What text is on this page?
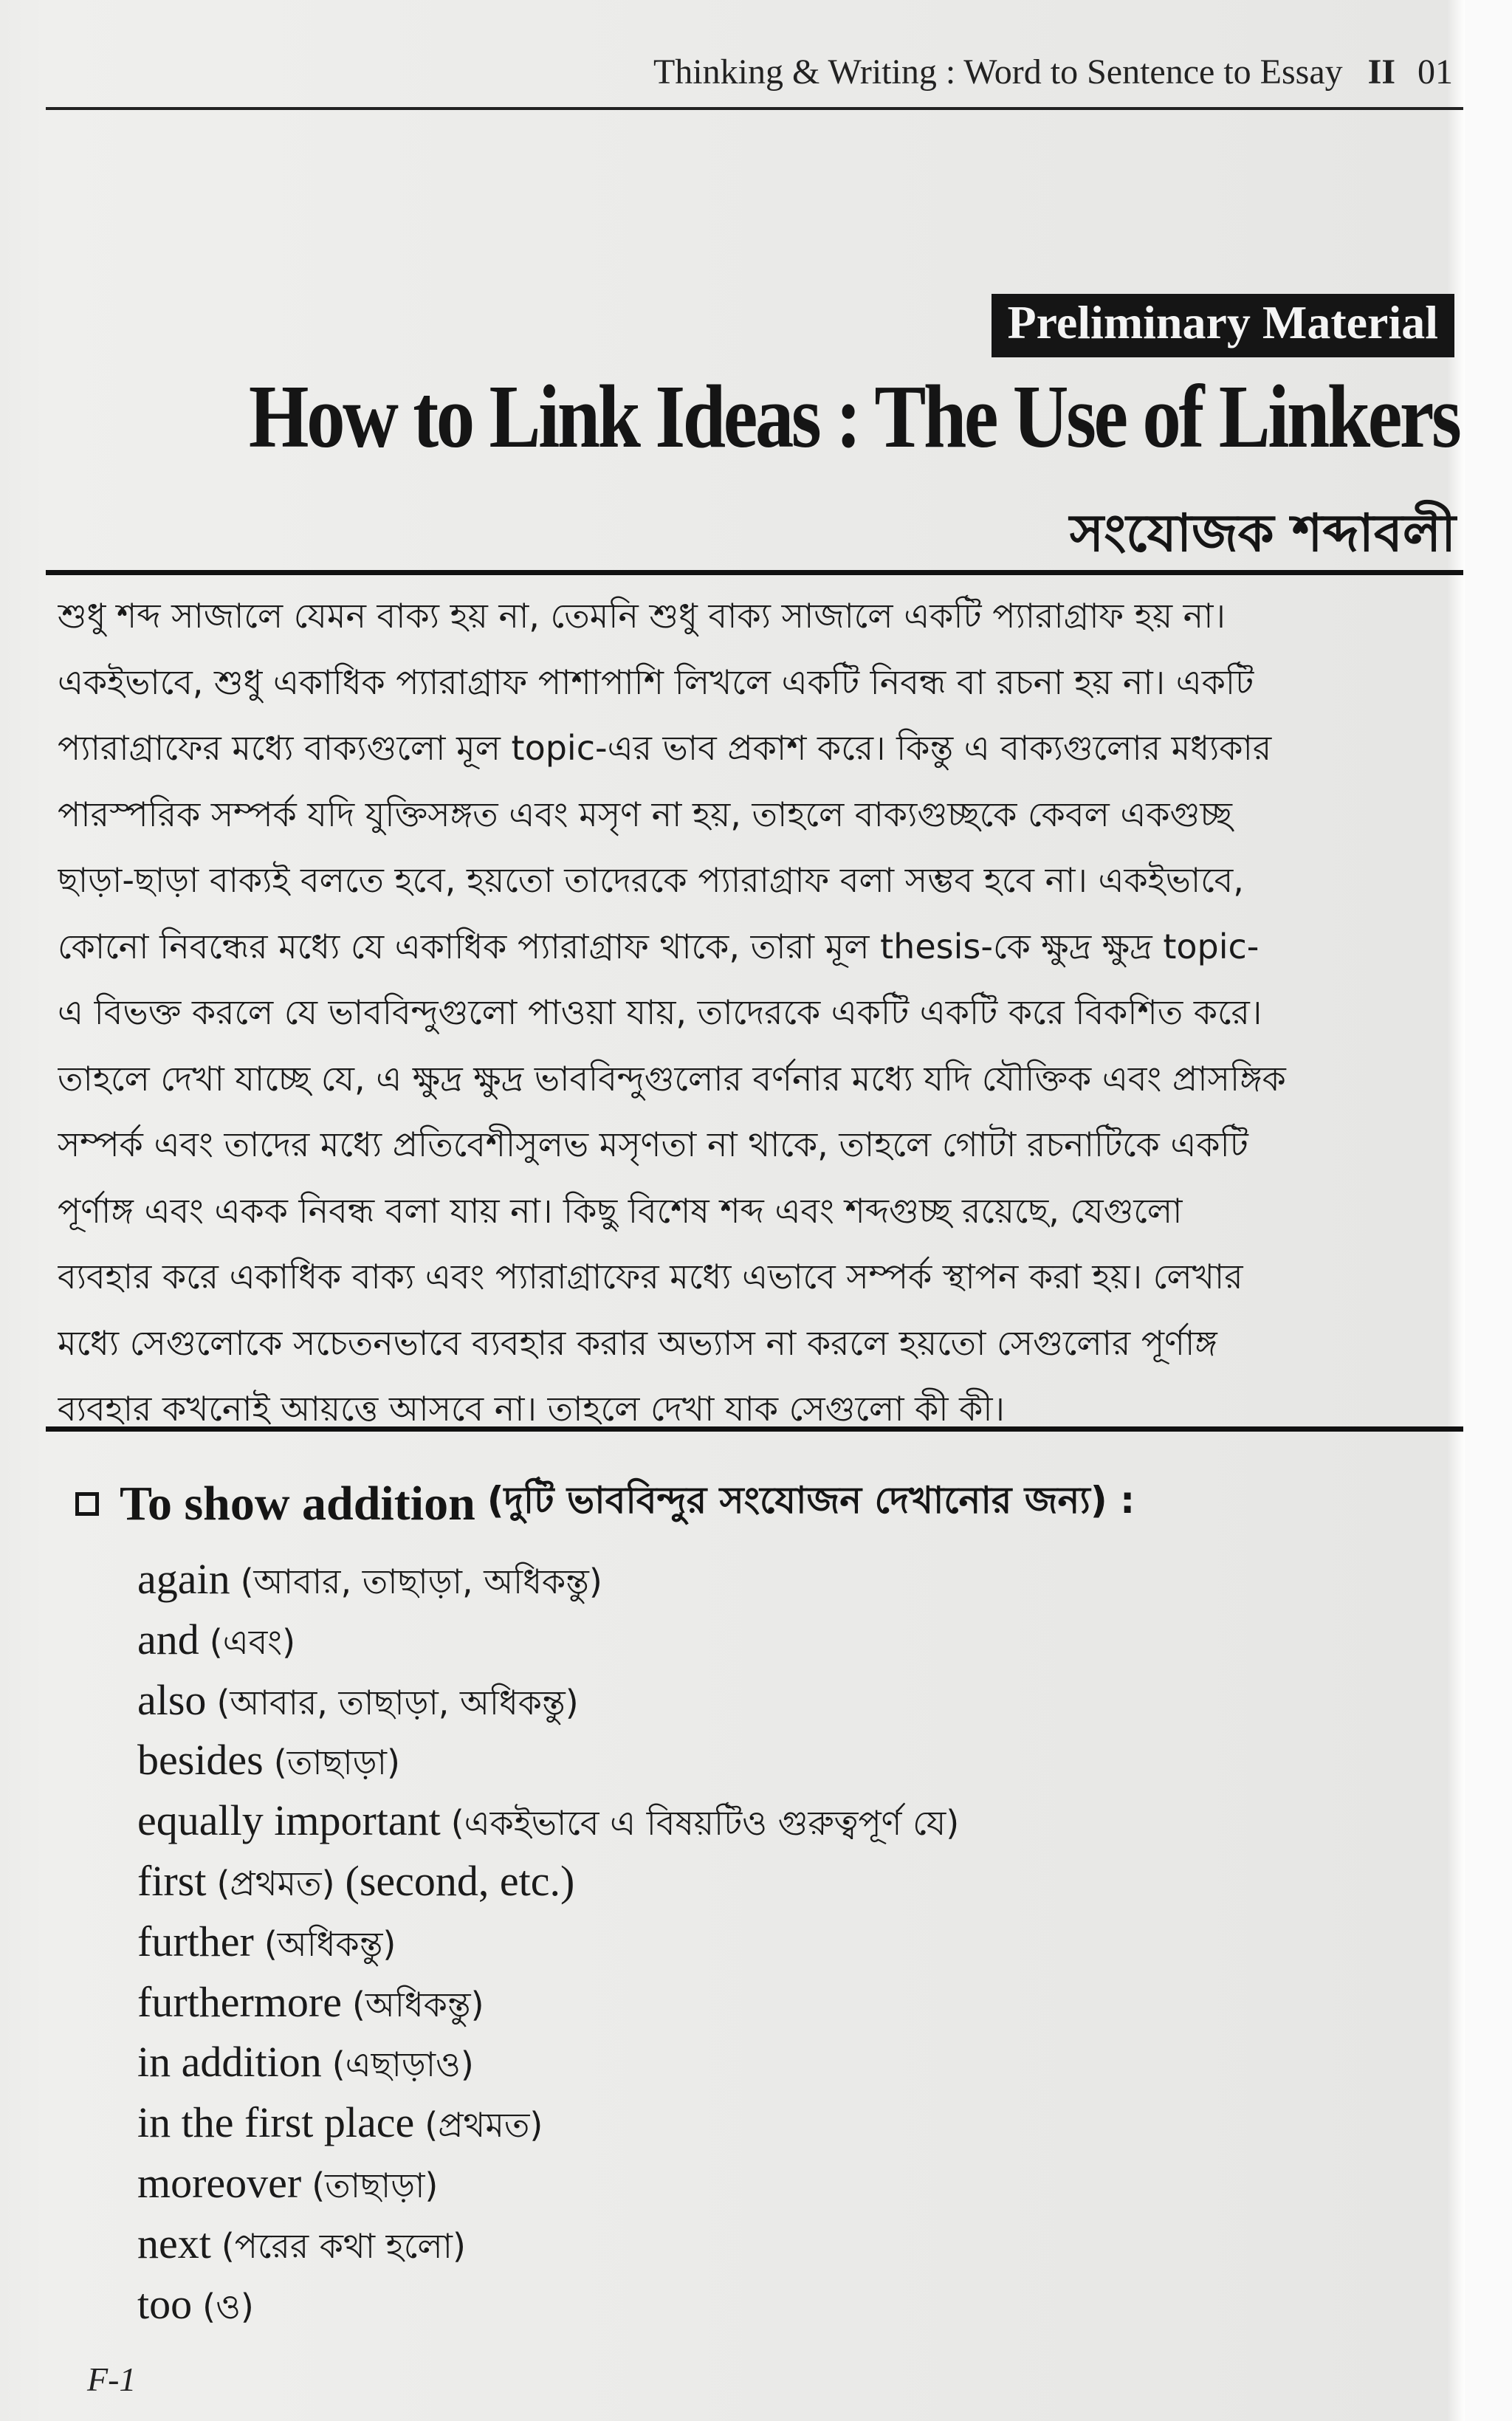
Thinking & Writing : Word to Sentence to Essay II 01
Preliminary Material
How to Link Ideas : The Use of Linkers
সংযোজক শব্দাবলী
শুধু শব্দ সাজালে যেমন বাক্য হয় না, তেমনি শুধু বাক্য সাজালে একটি প্যারাগ্রাফ হয় না।
একইভাবে, শুধু একাধিক প্যারাগ্রাফ পাশাপাশি লিখলে একটি নিবন্ধ বা রচনা হয় না। একটি
প্যারাগ্রাফের মধ্যে বাক্যগুলো মূল topic-এর ভাব প্রকাশ করে। কিন্তু এ বাক্যগুলোর মধ্যকার
পারস্পরিক সম্পর্ক যদি যুক্তিসঙ্গত এবং মসৃণ না হয়, তাহলে বাক্যগুচ্ছকে কেবল একগুচ্ছ
ছাড়া-ছাড়া বাক্যই বলতে হবে, হয়তো তাদেরকে প্যারাগ্রাফ বলা সম্ভব হবে না। একইভাবে,
কোনো নিবন্ধের মধ্যে যে একাধিক প্যারাগ্রাফ থাকে, তারা মূল thesis-কে ক্ষুদ্র ক্ষুদ্র topic-
এ বিভক্ত করলে যে ভাববিন্দুগুলো পাওয়া যায়, তাদেরকে একটি একটি করে বিকশিত করে।
তাহলে দেখা যাচ্ছে যে, এ ক্ষুদ্র ক্ষুদ্র ভাববিন্দুগুলোর বর্ণনার মধ্যে যদি যৌক্তিক এবং প্রাসঙ্গিক
সম্পর্ক এবং তাদের মধ্যে প্রতিবেশীসুলভ মসৃণতা না থাকে, তাহলে গোটা রচনাটিকে একটি
পূর্ণাঙ্গ এবং একক নিবন্ধ বলা যায় না। কিছু বিশেষ শব্দ এবং শব্দগুচ্ছ রয়েছে, যেগুলো
ব্যবহার করে একাধিক বাক্য এবং প্যারাগ্রাফের মধ্যে এভাবে সম্পর্ক স্থাপন করা হয়। লেখার
মধ্যে সেগুলোকে সচেতনভাবে ব্যবহার করার অভ্যাস না করলে হয়তো সেগুলোর পূর্ণাঙ্গ
ব্যবহার কখনোই আয়ত্তে আসবে না। তাহলে দেখা যাক সেগুলো কী কী।
To show addition (দুটি ভাববিন্দুর সংযোজন দেখানোর জন্য) :
again (আবার, তাছাড়া, অধিকন্তু)
and (এবং)
also (আবার, তাছাড়া, অধিকন্তু)
besides (তাছাড়া)
equally important (একইভাবে এ বিষয়টিও গুরুত্বপূর্ণ যে)
first (প্রথমত) (second, etc.)
further (অধিকন্তু)
furthermore (অধিকন্তু)
in addition (এছাড়াও)
in the first place (প্রথমত)
moreover (তাছাড়া)
next (পরের কথা হলো)
too (ও)
F-1
